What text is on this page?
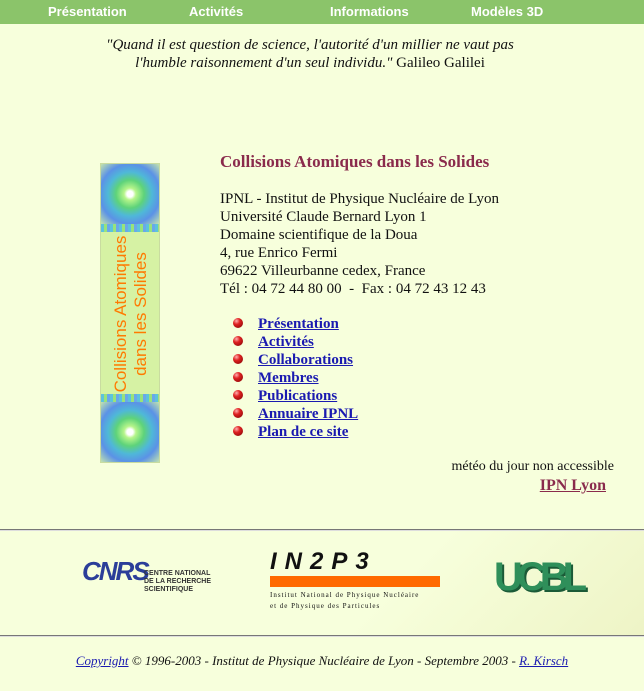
Présentation	Activités	Informations	Modèles 3D
"Quand il est question de science, l'autorité d'un millier ne vaut pas
l'humble raisonnement d'un seul individu." Galileo Galilei
Collisions Atomiques dans les Solides
Collisions Atomiques dans les Solides
IPNL - Institut de Physique Nucléaire de Lyon
Université Claude Bernard Lyon 1
Domaine scientifique de la Doua
4, rue Enrico Fermi
69622 Villeurbanne cedex, France
Tél : 04 72 44 80 00  -  Fax : 04 72 43 12 43
Présentation
Activités
Collaborations
Membres
Publications
Annuaire IPNL
Plan de ce site
météo du jour non accessible
IPN Lyon
CNRS
CENTRE NATIONAL
DE LA RECHERCHE
SCIENTIFIQUE
IN2P3
Institut National de Physique Nucléaire
et de Physique des Particules
UCBL
Copyright © 1996-2003 - Institut de Physique Nucléaire de Lyon - Septembre 2003 - R. Kirsch
